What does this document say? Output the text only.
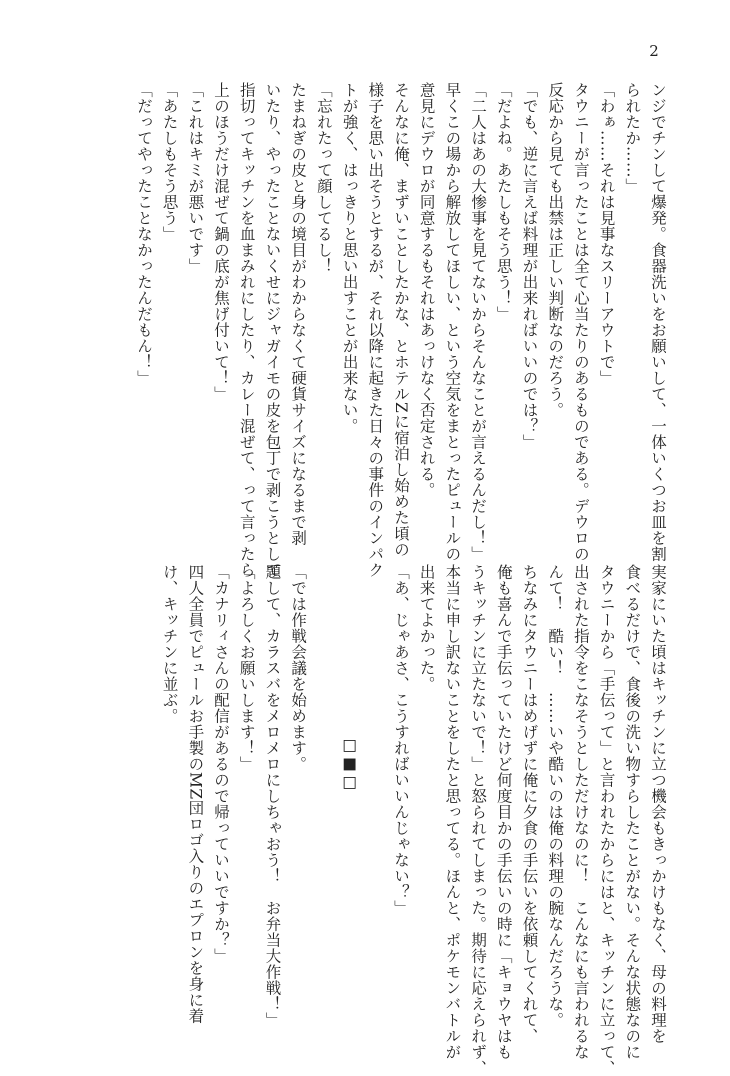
2
ンジでチンして爆発。食器洗いをお願いして、一体いくつお皿を割
られたか……」
「わぁ……それは見事なスリーアウトで」
タウニーが言ったことは全て心当たりのあるものである。デウロの
反応から見ても出禁は正しい判断なのだろう。
「でも、逆に言えば料理が出来ればいいのでは？」
「だよね。あたしもそう思う！」
「二人はあの大惨事を見てないからそんなことが言えるんだし！」
早くこの場から解放してほしい、という空気をまとったピュールの
意見にデウロが同意するもそれはあっけなく否定される。
そんなに俺、まずいことしたかな、とホテルZに宿泊し始めた頃の
様子を思い出そうとするが、それ以降に起きた日々の事件のインパク
トが強く、はっきりと思い出すことが出来ない。
「忘れたって顔してるし！
たまねぎの皮と身の境目がわからなくて硬貨サイズになるまで剥
いたり、やったことないくせにジャガイモの皮を包丁で剥こうとして
指切ってキッチンを血まみれにしたり、カレー混ぜて、って言ったら
上のほうだけ混ぜて鍋の底が焦げ付いて！」
「これはキミが悪いです」
「あたしもそう思う」
「だってやったことなかったんだもん！」
実家にいた頃はキッチンに立つ機会もきっかけもなく、母の料理を
食べるだけで、食後の洗い物すらしたことがない。そんな状態なのに
タウニーから「手伝って」と言われたからにはと、キッチンに立って、
出された指令をこなそうとしただけなのに！　こんなにも言われるな
んて！　酷い！　……いや酷いのは俺の料理の腕なんだろうな。
ちなみにタウニーはめげずに俺に夕食の手伝いを依頼してくれて、
俺も喜んで手伝っていたけど何度目かの手伝いの時に「キョウヤはも
うキッチンに立たないで！」と怒られてしまった。期待に応えられず、
本当に申し訳ないことをしたと思ってる。ほんと、ポケモンバトルが
出来てよかった。
「あ、じゃあさ、こうすればいいんじゃない？」

□■□

「では作戦会議を始めます。
題して、カラスバをメロメロにしちゃおう！　お弁当大作戦！」
「よろしくお願いします！」
「カナリィさんの配信があるので帰っていいですか？」
四人全員でピュールお手製のMZ団ロゴ入りのエプロンを身に着
け、キッチンに並ぶ。
